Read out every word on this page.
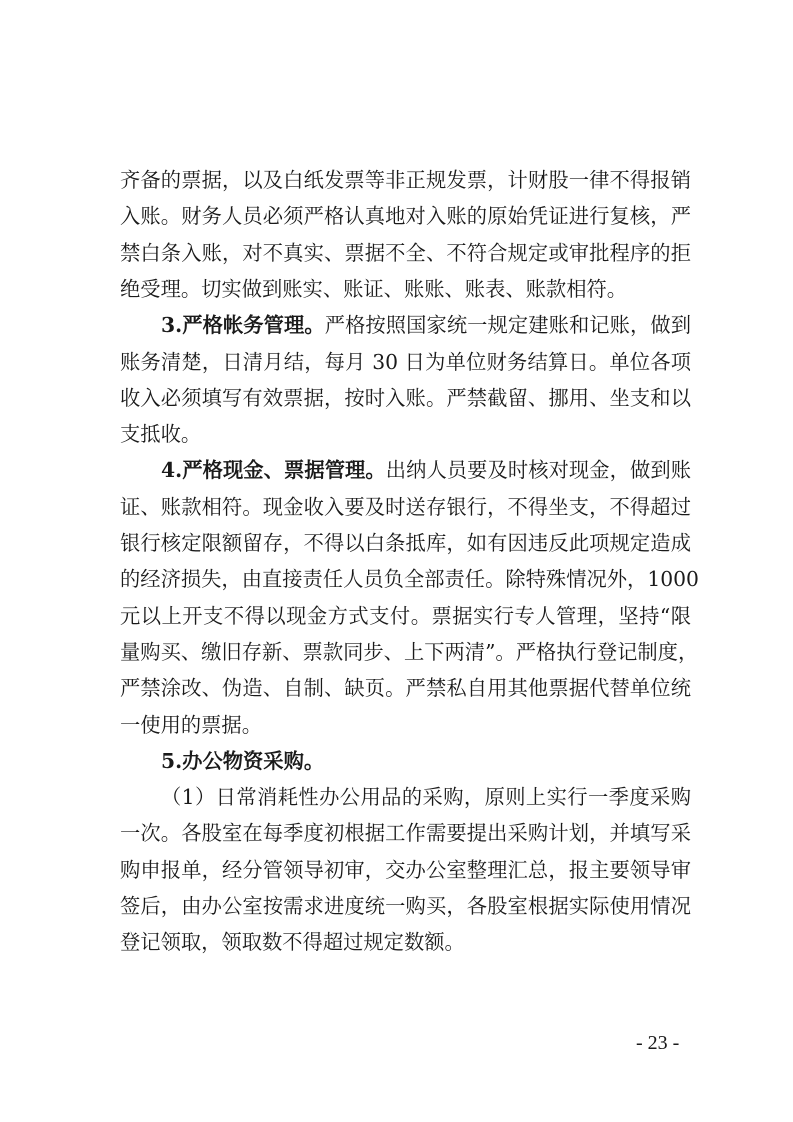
齐备的票据，以及白纸发票等非正规发票，计财股一律不得报销
入账。财务人员必须严格认真地对入账的原始凭证进行复核，严
禁白条入账，对不真实、票据不全、不符合规定或审批程序的拒
绝受理。切实做到账实、账证、账账、账表、账款相符。
3.严格帐务管理。严格按照国家统一规定建账和记账，做到
账务清楚，日清月结，每月 30 日为单位财务结算日。单位各项
收入必须填写有效票据，按时入账。严禁截留、挪用、坐支和以
支抵收。
4.严格现金、票据管理。出纳人员要及时核对现金，做到账
证、账款相符。现金收入要及时送存银行，不得坐支，不得超过
银行核定限额留存，不得以白条抵库，如有因违反此项规定造成
的经济损失，由直接责任人员负全部责任。除特殊情况外，1000
元以上开支不得以现金方式支付。票据实行专人管理，坚持“限
量购买、缴旧存新、票款同步、上下两清”。严格执行登记制度，
严禁涂改、伪造、自制、缺页。严禁私自用其他票据代替单位统
一使用的票据。
5.办公物资采购。
（1）日常消耗性办公用品的采购，原则上实行一季度采购
一次。各股室在每季度初根据工作需要提出采购计划，并填写采
购申报单，经分管领导初审，交办公室整理汇总，报主要领导审
签后，由办公室按需求进度统一购买，各股室根据实际使用情况
登记领取，领取数不得超过规定数额。
- 23 -
